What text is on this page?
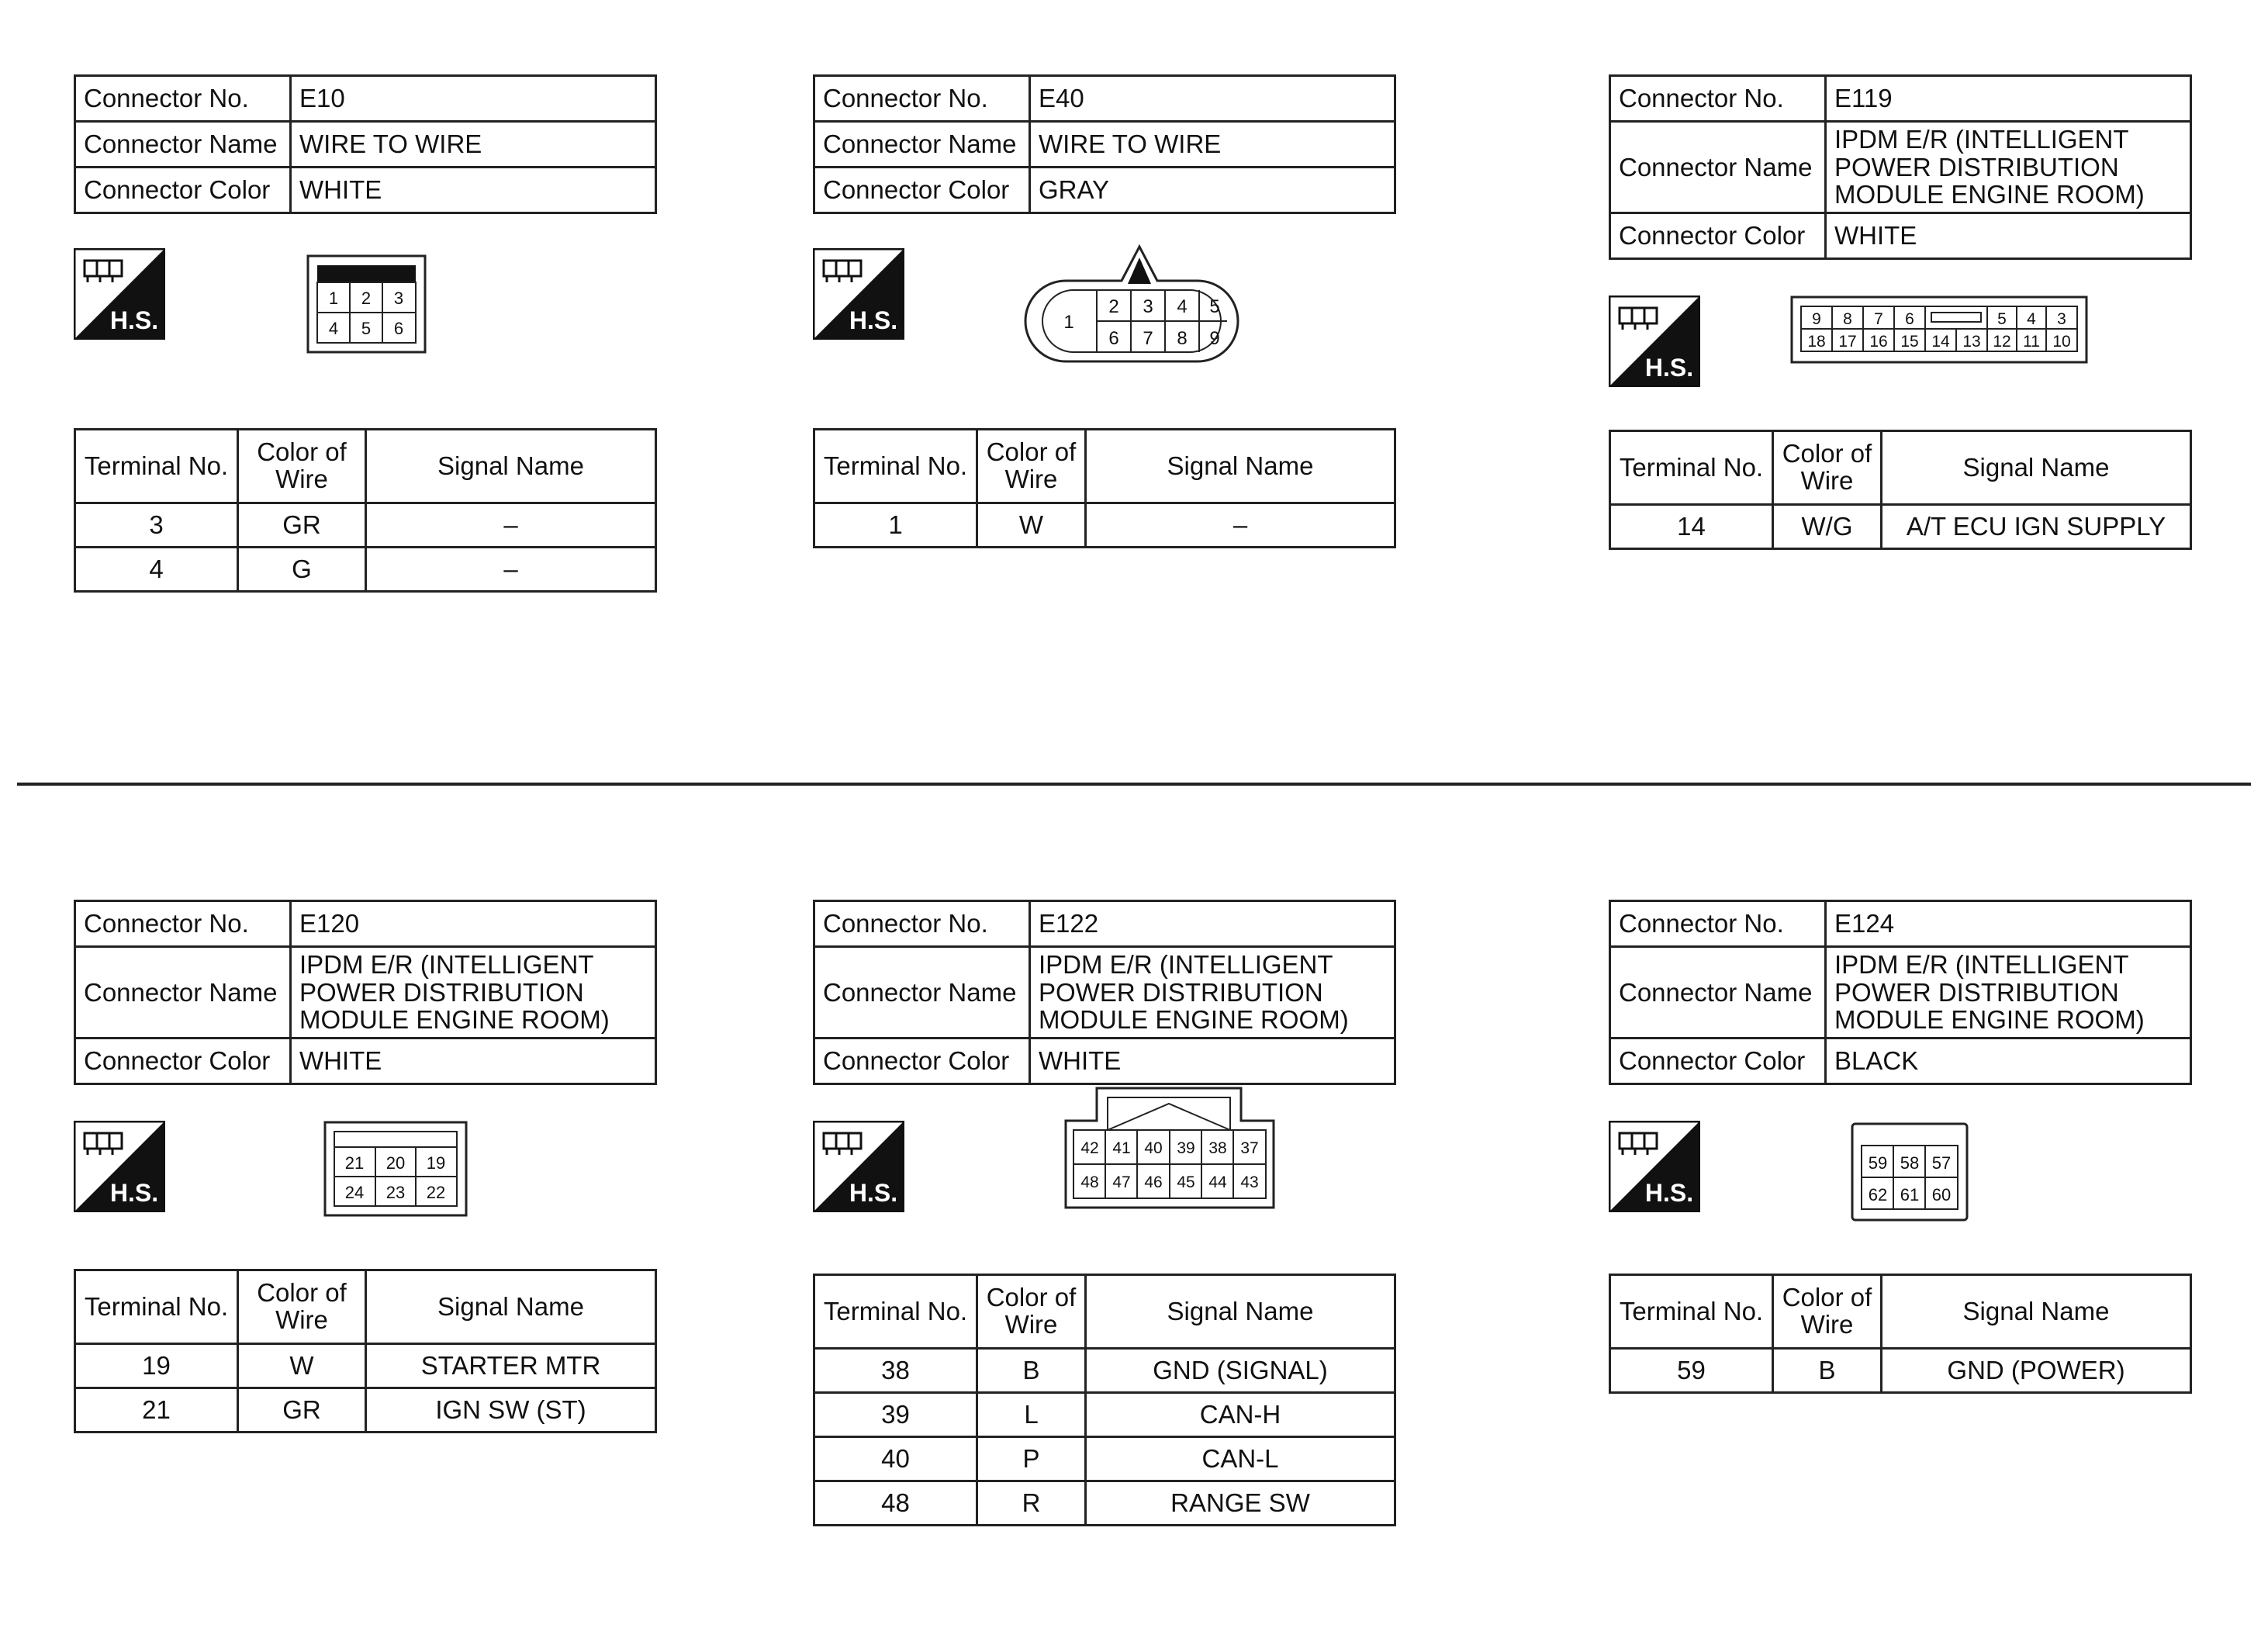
Connector No.	E10
Connector Name	WIRE TO WIRE
Connector Color	WHITE
H.S.
1 2 3
4 5 6
Terminal No.	Color of Wire	Signal Name
3	GR	–
4	G	–
Connector No.	E40
Connector Name	WIRE TO WIRE
Connector Color	GRAY
H.S.	1
2 3 4 5
6 7 8 9
Terminal No.	Color of Wire	Signal Name
1	W	–
Connector No.	E119
Connector Name	IPDM E/R (INTELLIGENT POWER DISTRIBUTION MODULE ENGINE ROOM)
Connector Color	WHITE
H.S.
9 8 7 6	5 4 3
18 17 16 15 14 13 12 11 10
Terminal No.	Color of Wire	Signal Name
14	W/G	A/T ECU IGN SUPPLY
Connector No.	E120
Connector Name	IPDM E/R (INTELLIGENT POWER DISTRIBUTION MODULE ENGINE ROOM)
Connector Color	WHITE
H.S.
21 20 19
24 23 22
Terminal No.	Color of Wire	Signal Name
19	W	STARTER MTR
21	GR	IGN SW (ST)
Connector No.	E122
Connector Name	IPDM E/R (INTELLIGENT POWER DISTRIBUTION MODULE ENGINE ROOM)
Connector Color	WHITE
H.S.
42 41 40 39 38 37
48 47 46 45 44 43
Terminal No.	Color of Wire	Signal Name
38	B	GND (SIGNAL)
39	L	CAN-H
40	P	CAN-L
48	R	RANGE SW
Connector No.	E124
Connector Name	IPDM E/R (INTELLIGENT POWER DISTRIBUTION MODULE ENGINE ROOM)
Connector Color	BLACK
H.S.
59 58 57
62 61 60
Terminal No.	Color of Wire	Signal Name
59	B	GND (POWER)
